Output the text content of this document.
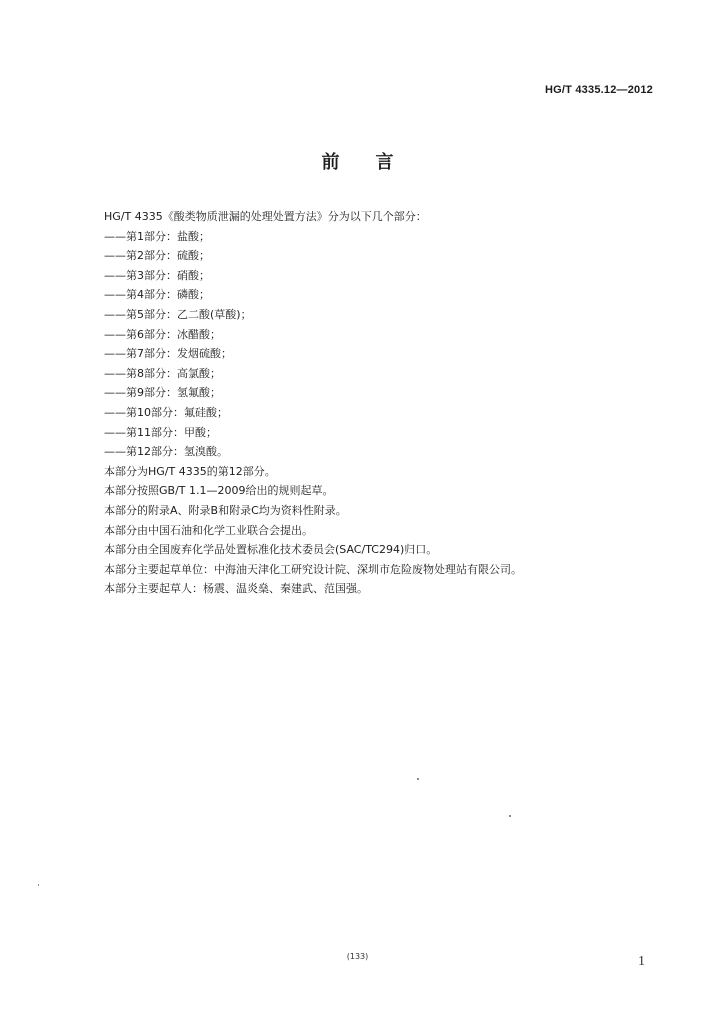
HG/T 4335.12—2012
前言

HG/T 4335《酸类物质泄漏的处理处置方法》分为以下几个部分：

——第1部分：盐酸；

——第2部分：硫酸；

——第3部分：硝酸；

——第4部分：磷酸；

——第5部分：乙二酸(草酸)；

——第6部分：冰醋酸；

——第7部分：发烟硫酸；

——第8部分：高氯酸；

——第9部分：氢氟酸；

——第10部分：氟硅酸；

——第11部分：甲酸；

——第12部分：氢溴酸。

本部分为HG/T 4335的第12部分。

本部分按照GB/T 1.1—2009给出的规则起草。

本部分的附录A、附录B和附录C均为资料性附录。

本部分由中国石油和化学工业联合会提出。

本部分由全国废弃化学品处置标准化技术委员会(SAC/TC294)归口。

本部分主要起草单位：中海油天津化工研究设计院、深圳市危险废物处理站有限公司。

本部分主要起草人：杨震、温炎燊、秦建武、范国强。

(133)	1
